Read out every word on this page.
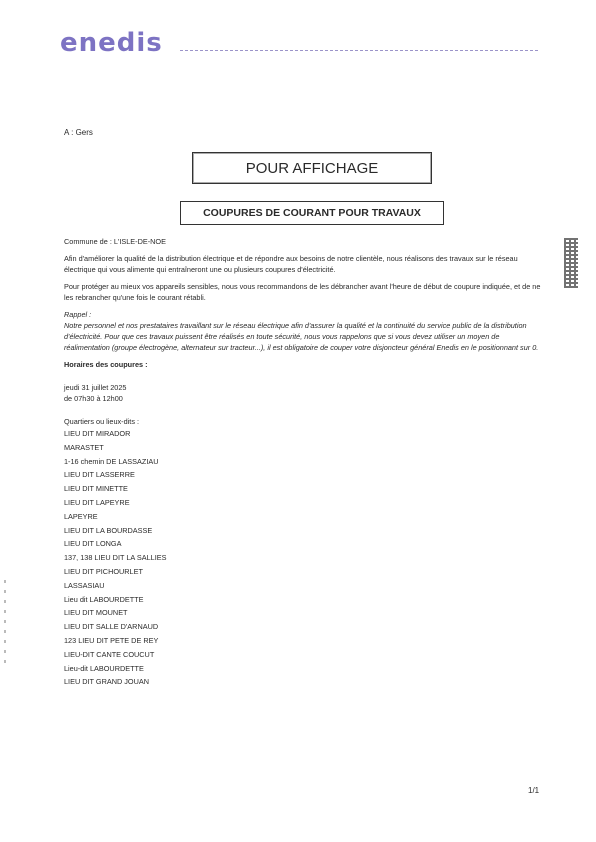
enedis
A : Gers
POUR AFFICHAGE
COUPURES DE COURANT POUR TRAVAUX

Commune de : L'ISLE-DE-NOE

Afin d'améliorer la qualité de la distribution électrique et de répondre aux besoins de notre clientèle, nous réalisons des travaux sur le réseau électrique qui vous alimente qui entraîneront une ou plusieurs coupures d'électricité.

Pour protéger au mieux vos appareils sensibles, nous vous recommandons de les débrancher avant l'heure de début de coupure indiquée, et de ne les rebrancher qu'une fois le courant rétabli.

Rappel :

Notre personnel et nos prestataires travaillant sur le réseau électrique afin d'assurer la qualité et la continuité du service public de la distribution d'électricité. Pour que ces travaux puissent être réalisés en toute sécurité, nous vous rappelons que si vous devez utiliser un moyen de réalimentation (groupe électrogène, alternateur sur tracteur...), il est obligatoire de couper votre disjoncteur général Enedis en le positionnant sur 0.

Horaires des coupures :

jeudi 31 juillet 2025

de 07h30 à 12h00

Quartiers ou lieux-dits :
LIEU DIT MIRADOR
MARASTET
1-16 chemin DE LASSAZIAU
LIEU DIT LASSERRE
LIEU DIT MINETTE
LIEU DIT LAPEYRE
LAPEYRE
LIEU DIT LA BOURDASSE
LIEU DIT LONGA
137, 138 LIEU DIT LA SALLIES
LIEU DIT PICHOURLET
LASSASIAU
Lieu dit LABOURDETTE
LIEU DIT MOUNET
LIEU DIT SALLE D'ARNAUD
123 LIEU DIT PETE DE REY
LIEU-DIT CANTE COUCUT
Lieu-dit LABOURDETTE
LIEU DIT GRAND JOUAN
1/1
